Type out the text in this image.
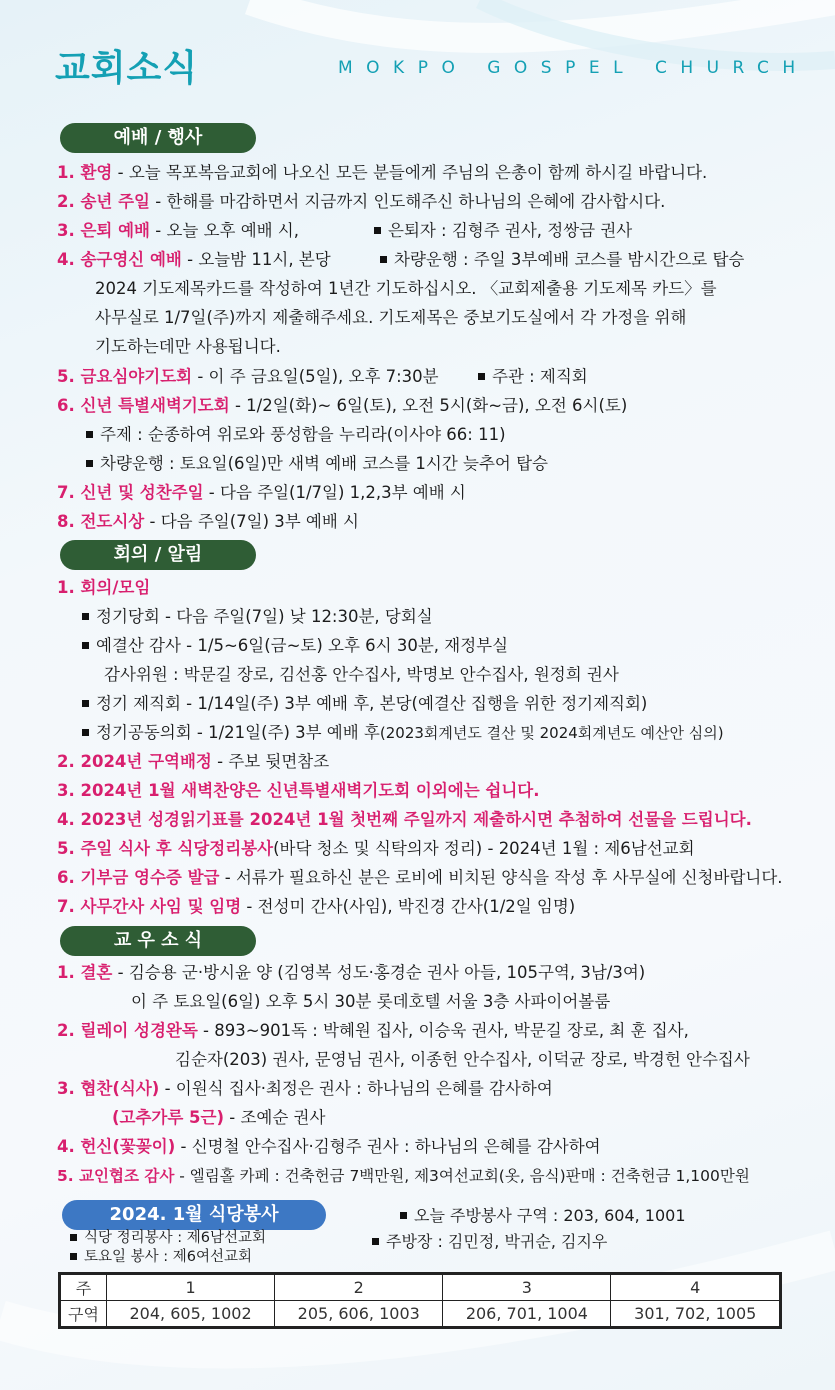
교회소식	MOKPO GOSPEL CHURCH
예배 / 행사
1. 환영 - 오늘 목포복음교회에 나오신 모든 분들에게 주님의 은총이 함께 하시길 바랍니다.
2. 송년 주일 - 한해를 마감하면서 지금까지 인도해주신 하나님의 은혜에 감사합시다.
3. 은퇴 예배 - 오늘 오후 예배 시,	은퇴자 : 김형주 권사, 정쌍금 권사
4. 송구영신 예배 - 오늘밤 11시, 본당	차량운행 : 주일 3부예배 코스를 밤시간으로 탑승
2024 기도제목카드를 작성하여 1년간 기도하십시오. 〈교회제출용 기도제목 카드〉를
사무실로 1/7일(주)까지 제출해주세요. 기도제목은 중보기도실에서 각 가정을 위해
기도하는데만 사용됩니다.
5. 금요심야기도회 - 이 주 금요일(5일), 오후 7:30분	주관 : 제직회
6. 신년 특별새벽기도회 - 1/2일(화)~ 6일(토), 오전 5시(화~금), 오전 6시(토)
주제 : 순종하여 위로와 풍성함을 누리라(이사야 66: 11)
차량운행 : 토요일(6일)만 새벽 예배 코스를 1시간 늦추어 탑승
7. 신년 및 성찬주일 - 다음 주일(1/7일) 1,2,3부 예배 시
8. 전도시상 - 다음 주일(7일) 3부 예배 시
회의 / 알림
1. 회의/모임
정기당회 - 다음 주일(7일) 낮 12:30분, 당회실
예결산 감사 - 1/5~6일(금~토) 오후 6시 30분, 재정부실
감사위원 : 박문길 장로, 김선홍 안수집사, 박명보 안수집사, 원정희 권사
정기 제직회 - 1/14일(주) 3부 예배 후, 본당(예결산 집행을 위한 정기제직회)
정기공동의회 - 1/21일(주) 3부 예배 후(2023회계년도 결산 및 2024회계년도 예산안 심의)
2. 2024년 구역배정 - 주보 뒷면참조
3. 2024년 1월 새벽찬양은 신년특별새벽기도회 이외에는 쉽니다.
4. 2023년 성경읽기표를 2024년 1월 첫번째 주일까지 제출하시면 추첨하여 선물을 드립니다.
5. 주일 식사 후 식당정리봉사(바닥 청소 및 식탁의자 정리) - 2024년 1월 : 제6남선교회
6. 기부금 영수증 발급 - 서류가 필요하신 분은 로비에 비치된 양식을 작성 후 사무실에 신청바랍니다.
7. 사무간사 사임 및 임명 - 전성미 간사(사임), 박진경 간사(1/2일 임명)
교 우 소 식
1. 결혼 - 김승용 군·방시윤 양 (김영복 성도·홍경순 권사 아들, 105구역, 3남/3여)
이 주 토요일(6일) 오후 5시 30분 롯데호텔 서울 3층 사파이어볼룸
2. 릴레이 성경완독 - 893~901독 : 박혜원 집사, 이승욱 권사, 박문길 장로, 최 훈 집사,
김순자(203) 권사, 문영님 권사, 이종헌 안수집사, 이덕균 장로, 박경헌 안수집사
3. 협찬(식사) - 이원식 집사·최정은 권사 : 하나님의 은혜를 감사하여
(고추가루 5근) - 조예순 권사
4. 헌신(꽃꽂이) - 신명철 안수집사·김형주 권사 : 하나님의 은혜를 감사하여
5. 교인협조 감사 - 엘림홀 카페 : 건축헌금 7백만원, 제3여선교회(옷, 음식)판매 : 건축헌금 1,100만원
2024. 1월 식당봉사
식당 정리봉사 : 제6남선교회
토요일 봉사 : 제6여선교회
오늘 주방봉사 구역 : 203, 604, 1001
주방장 : 김민정, 박귀순, 김지우
주	1	2	3	4
구역	204, 605, 1002	205, 606, 1003	206, 701, 1004	301, 702, 1005
